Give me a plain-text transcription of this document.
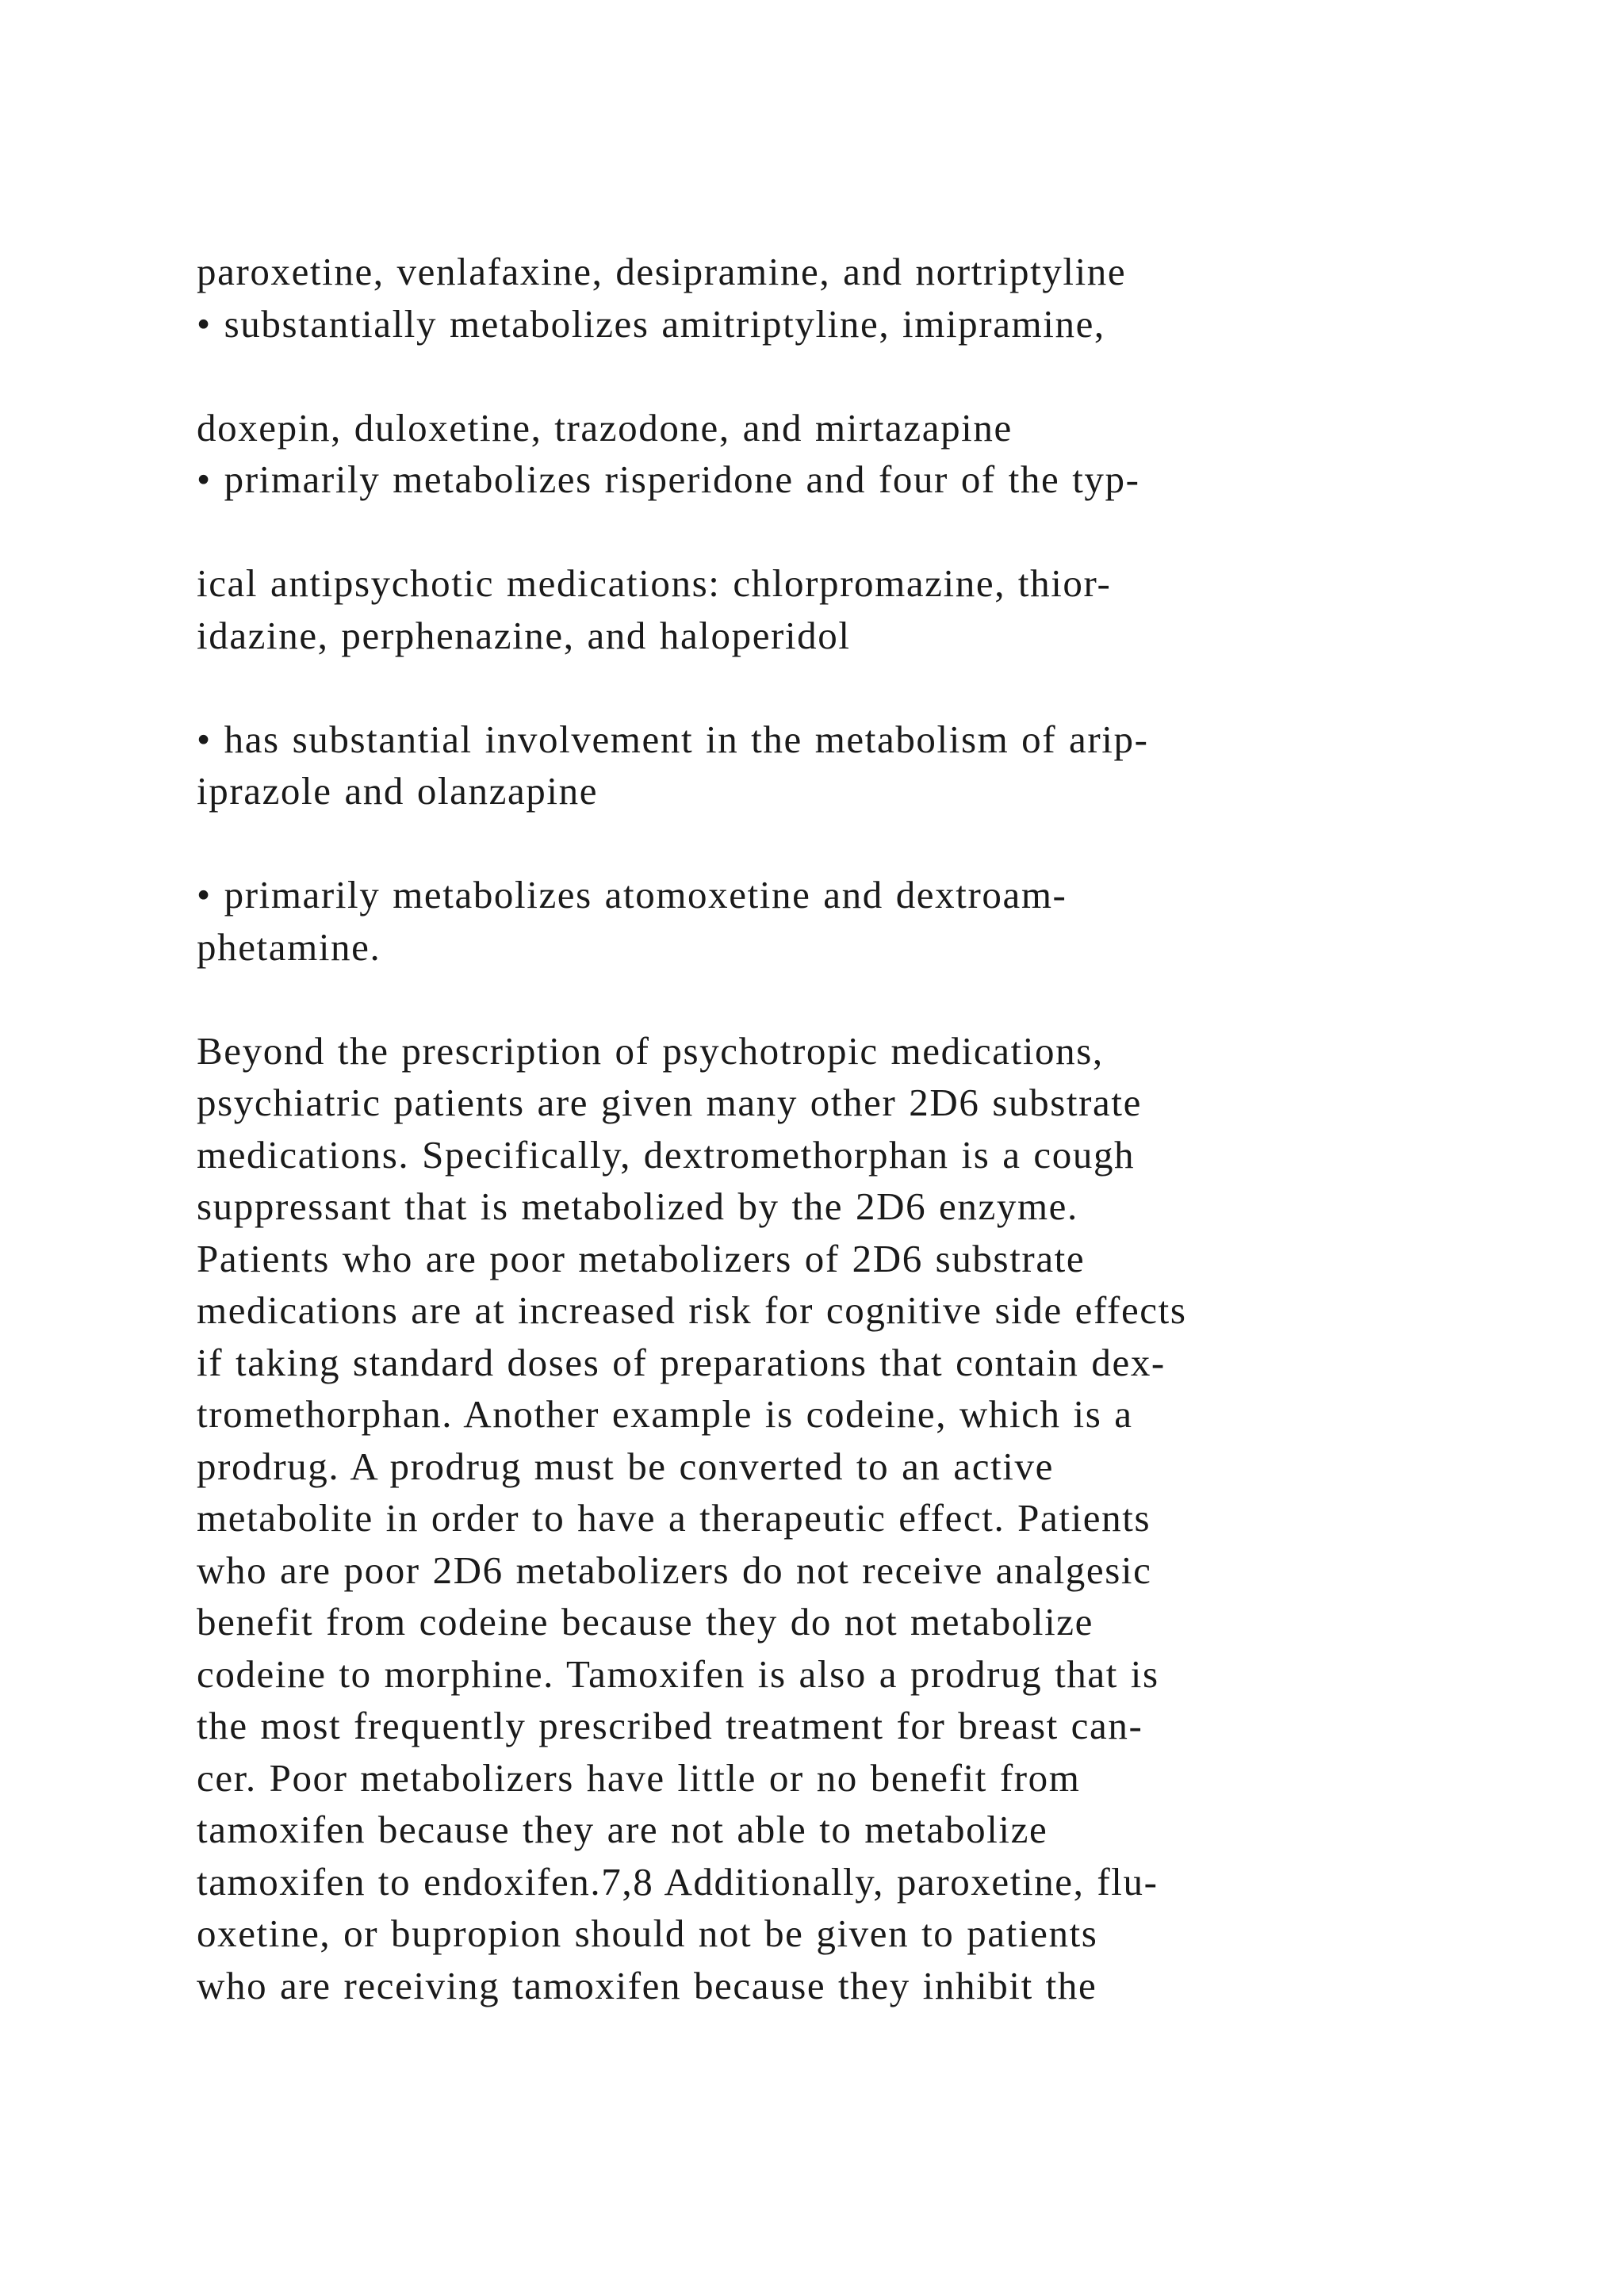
paroxetine, venlafaxine, desipramine, and nortriptyline
• substantially metabolizes amitriptyline, imipramine,
doxepin, duloxetine, trazodone, and mirtazapine
• primarily metabolizes risperidone and four of the typ-
ical antipsychotic medications: chlorpromazine, thior-
idazine, perphenazine, and haloperidol
• has substantial involvement in the metabolism of arip-
iprazole and olanzapine
• primarily metabolizes atomoxetine and dextroam-
phetamine.
Beyond the prescription of psychotropic medications,
psychiatric patients are given many other 2D6 substrate
medications. Specifically, dextromethorphan is a cough
suppressant that is metabolized by the 2D6 enzyme.
Patients who are poor metabolizers of 2D6 substrate
medications are at increased risk for cognitive side effects
if taking standard doses of preparations that contain dex-
tromethorphan. Another example is codeine, which is a
prodrug. A prodrug must be converted to an active
metabolite in order to have a therapeutic effect. Patients
who are poor 2D6 metabolizers do not receive analgesic
benefit from codeine because they do not metabolize
codeine to morphine. Tamoxifen is also a prodrug that is
the most frequently prescribed treatment for breast can-
cer. Poor metabolizers have little or no benefit from
tamoxifen because they are not able to metabolize
tamoxifen to endoxifen.7,8 Additionally, paroxetine, flu-
oxetine, or bupropion should not be given to patients
who are receiving tamoxifen because they inhibit the
